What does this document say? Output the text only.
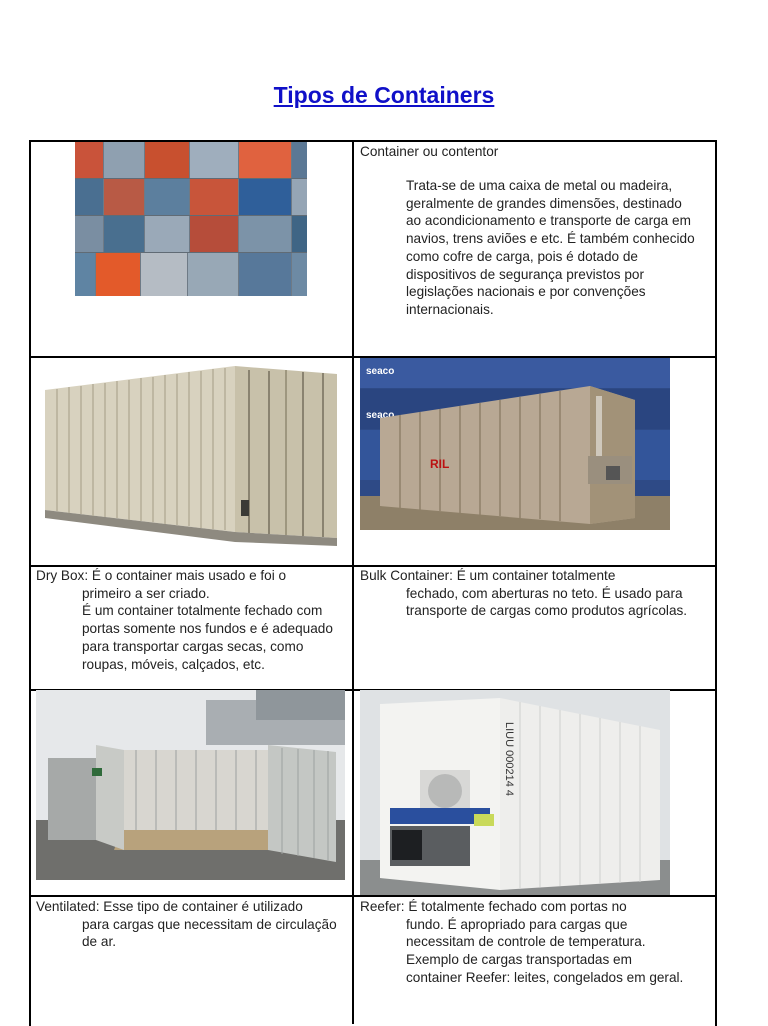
Tipos de Containers

Container ou contentor

Trata-se de uma caixa de metal ou madeira, geralmente de grandes dimensões, destinado ao acondicionamento e transporte de carga em navios, trens aviões e etc. É também conhecido como cofre de carga, pois é dotado de dispositivos de segurança previstos por legislações nacionais e por convenções internacionais.
seaco
seaco
RIL

Dry Box: É o container mais usado e foi o

primeiro a ser criado.

É um container totalmente fechado com portas somente nos fundos e é adequado para transportar cargas secas, como roupas, móveis, calçados, etc.

Bulk Container: É um container totalmente

fechado, com aberturas no teto. É usado para transporte de cargas como produtos agrícolas.

LIUU 000214 4

Ventilated: Esse tipo de container é utilizado

para cargas que necessitam de circulação de ar.

Reefer: É totalmente fechado com portas no

fundo. É apropriado para cargas que necessitam de controle de temperatura. Exemplo de cargas transportadas em container Reefer: leites, congelados em geral.
